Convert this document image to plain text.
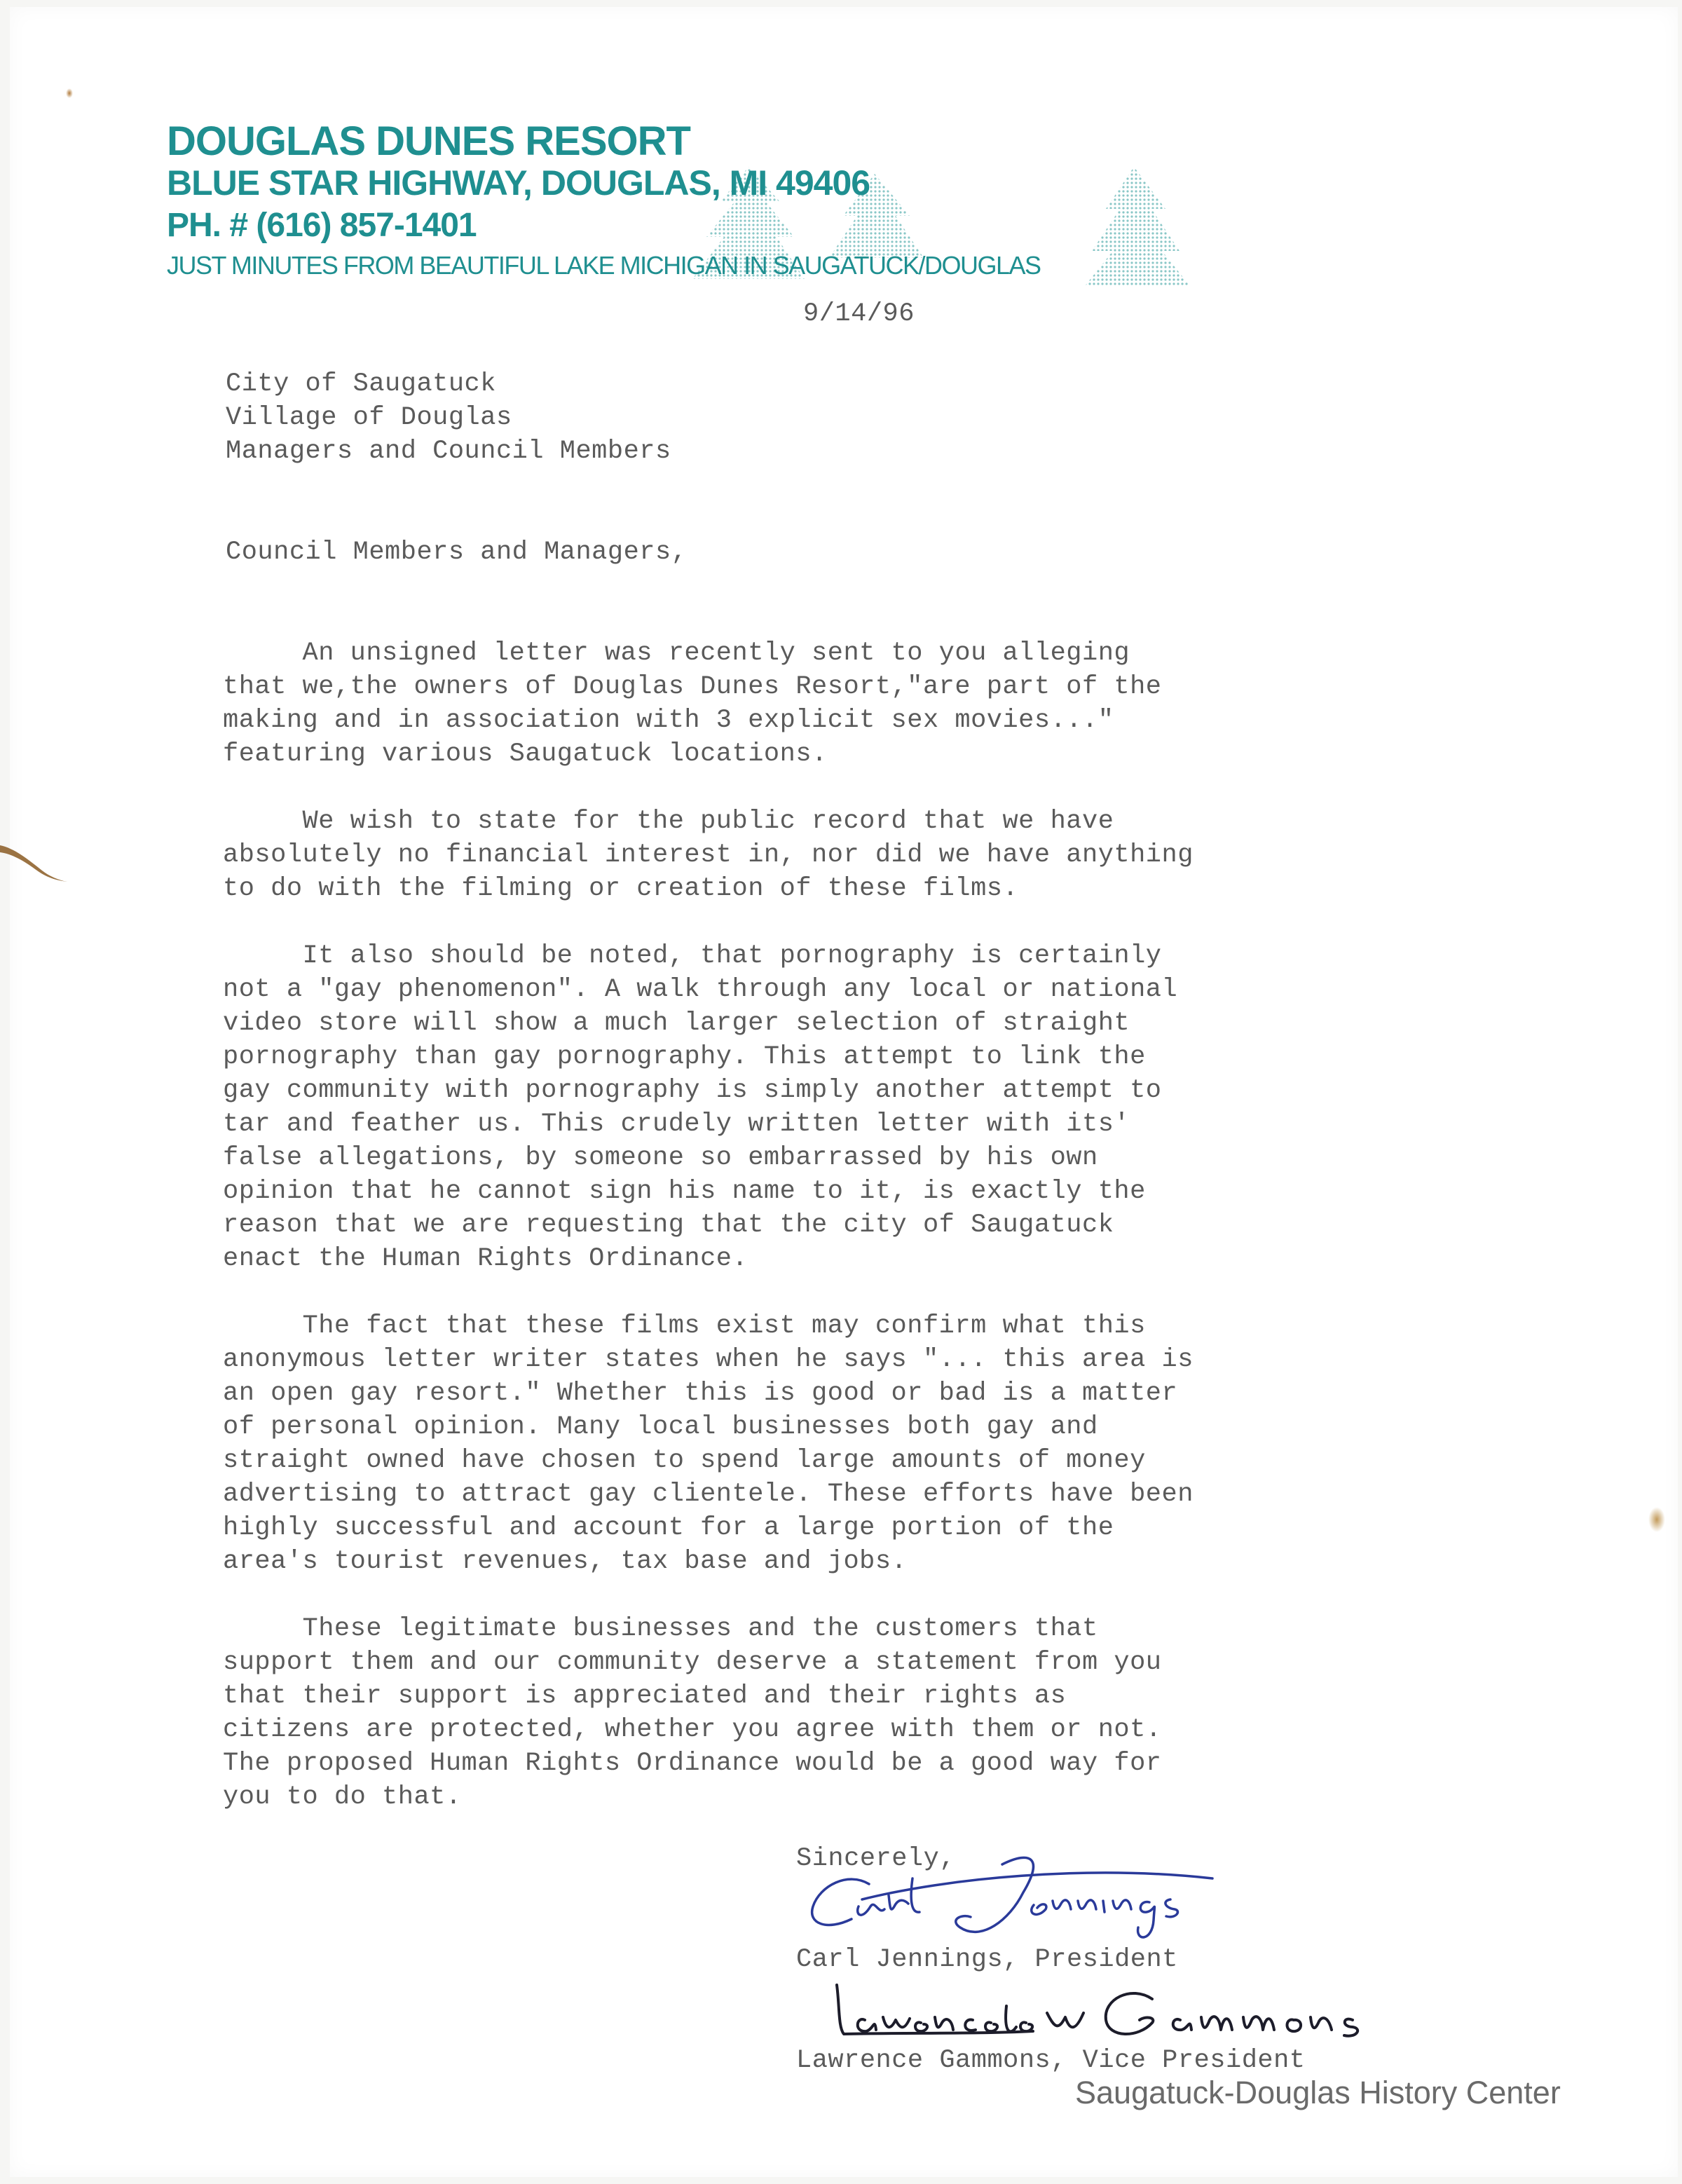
DOUGLAS DUNES RESORT
BLUE STAR HIGHWAY, DOUGLAS, MI 49406
PH. # (616) 857-1401
JUST MINUTES FROM BEAUTIFUL LAKE MICHIGAN IN SAUGATUCK/DOUGLAS
9/14/96
City of Saugatuck
Village of Douglas
Managers and Council Members
Council Members and Managers,
An unsigned letter was recently sent to you alleging
that we,the owners of Douglas Dunes Resort,"are part of the
making and in association with 3 explicit sex movies..."
featuring various Saugatuck locations.
We wish to state for the public record that we have
absolutely no financial interest in, nor did we have anything
to do with the filming or creation of these films.
It also should be noted, that pornography is certainly
not a "gay phenomenon". A walk through any local or national
video store will show a much larger selection of straight
pornography than gay pornography. This attempt to link the
gay community with pornography is simply another attempt to
tar and feather us. This crudely written letter with its'
false allegations, by someone so embarrassed by his own
opinion that he cannot sign his name to it, is exactly the
reason that we are requesting that the city of Saugatuck
enact the Human Rights Ordinance.
The fact that these films exist may confirm what this
anonymous letter writer states when he says "... this area is
an open gay resort." Whether this is good or bad is a matter
of personal opinion. Many local businesses both gay and
straight owned have chosen to spend large amounts of money
advertising to attract gay clientele. These efforts have been
highly successful and account for a large portion of the
area's tourist revenues, tax base and jobs.
These legitimate businesses and the customers that
support them and our community deserve a statement from you
that their support is appreciated and their rights as
citizens are protected, whether you agree with them or not.
The proposed Human Rights Ordinance would be a good way for
you to do that.
Sincerely,
Carl Jennings, President
Lawrence Gammons, Vice President
Saugatuck-Douglas History Center
